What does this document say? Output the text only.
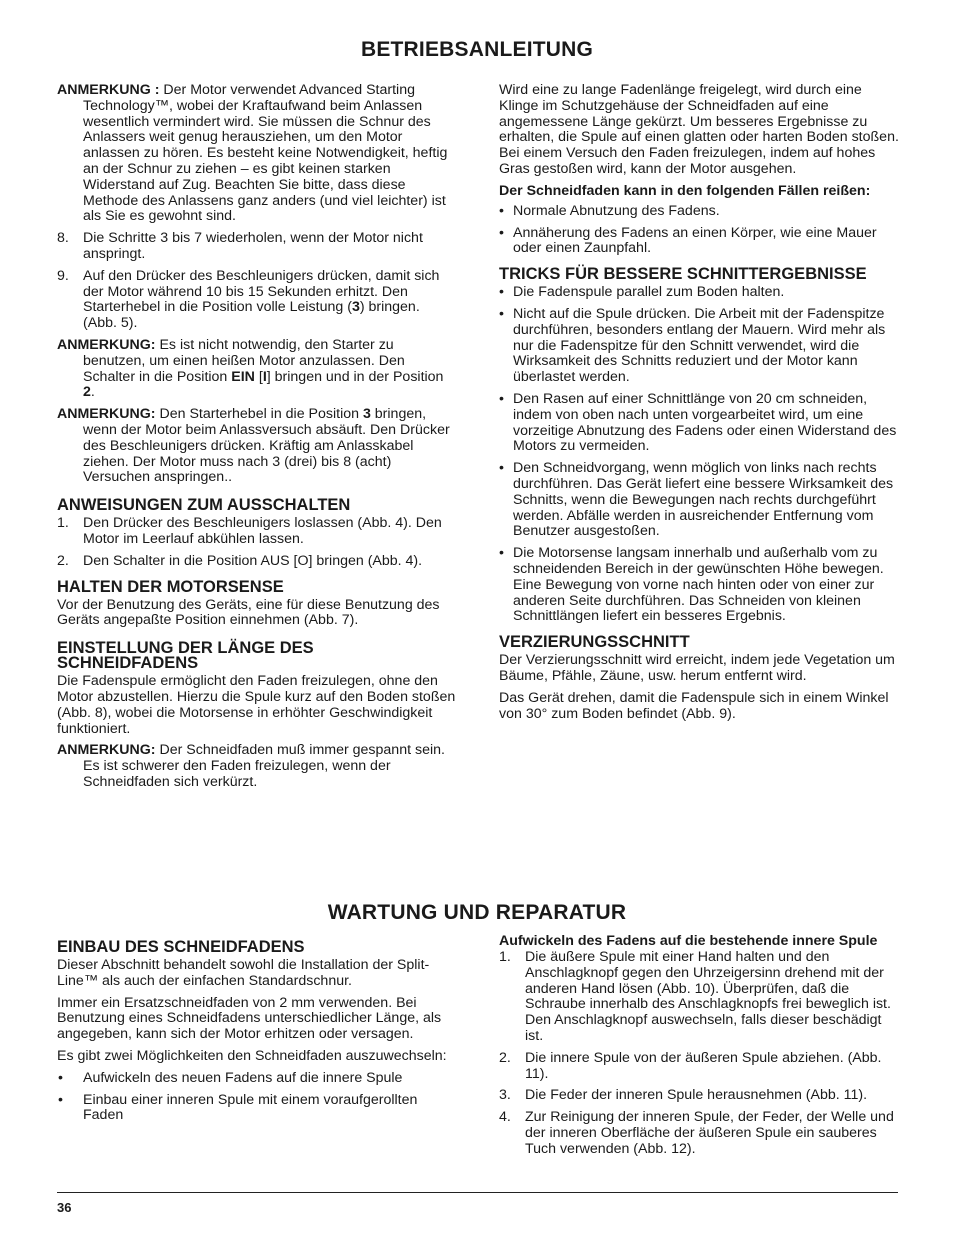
BETRIEBSANLEITUNG

ANMERKUNG : Der Motor verwendet Advanced Starting Technology™, wobei der Kraftaufwand beim Anlassen wesentlich vermindert wird. Sie müssen die Schnur des Anlassers weit genug herausziehen, um den Motor anlassen zu hören. Es besteht keine Notwendigkeit, heftig an der Schnur zu ziehen – es gibt keinen starken Widerstand auf Zug. Beachten Sie bitte, dass diese Methode des Anlassens ganz anders (und viel leichter) ist als Sie es gewohnt sind.

8. Die Schritte 3 bis 7 wiederholen, wenn der Motor nicht anspringt.
9. Auf den Drücker des Beschleunigers drücken, damit sich der Motor während 10 bis 15 Sekunden erhitzt. Den Starterhebel in die Position volle Leistung (3) bringen. (Abb. 5).

ANMERKUNG: Es ist nicht notwendig, den Starter zu benutzen, um einen heißen Motor anzulassen. Den Schalter in die Position EIN [I] bringen und in der Position 2.

ANMERKUNG: Den Starterhebel in die Position 3 bringen, wenn der Motor beim Anlassversuch absäuft. Den Drücker des Beschleunigers drücken. Kräftig am Anlasskabel ziehen. Der Motor muss nach 3 (drei) bis 8 (acht) Versuchen anspringen..

ANWEISUNGEN ZUM AUSSCHALTEN
1. Den Drücker des Beschleunigers loslassen (Abb. 4). Den Motor im Leerlauf abkühlen lassen.
2. Den Schalter in die Position AUS [O] bringen (Abb. 4).
HALTEN DER MOTORSENSE

Vor der Benutzung des Geräts, eine für diese Benutzung des Geräts angepaßte Position einnehmen (Abb. 7).

EINSTELLUNG DER LÄNGE DES SCHNEIDFADENS

Die Fadenspule ermöglicht den Faden freizulegen, ohne den Motor abzustellen. Hierzu die Spule kurz auf den Boden stoßen (Abb. 8), wobei die Motorsense in erhöhter Geschwindigkeit funktioniert.

ANMERKUNG: Der Schneidfaden muß immer gespannt sein. Es ist schwerer den Faden freizulegen, wenn der Schneidfaden sich verkürzt.

Wird eine zu lange Fadenlänge freigelegt, wird durch eine Klinge im Schutzgehäuse der Schneidfaden auf eine angemessene Länge gekürzt. Um besseres Ergebnisse zu erhalten, die Spule auf einen glatten oder harten Boden stoßen. Bei einem Versuch den Faden freizulegen, indem auf hohes Gras gestoßen wird, kann der Motor ausgehen.

Der Schneidfaden kann in den folgenden Fällen reißen:
• Normale Abnutzung des Fadens.
• Annäherung des Fadens an einen Körper, wie eine Mauer oder einen Zaunpfahl.
TRICKS FÜR BESSERE SCHNITTERGEBNISSE
• Die Fadenspule parallel zum Boden halten.
• Nicht auf die Spule drücken. Die Arbeit mit der Fadenspitze durchführen, besonders entlang der Mauern. Wird mehr als nur die Fadenspitze für den Schnitt verwendet, wird die Wirksamkeit des Schnitts reduziert und der Motor kann überlastet werden.
• Den Rasen auf einer Schnittlänge von 20 cm schneiden, indem von oben nach unten vorgearbeitet wird, um eine vorzeitige Abnutzung des Fadens oder einen Widerstand des Motors zu vermeiden.
• Den Schneidvorgang, wenn möglich von links nach rechts durchführen. Das Gerät liefert eine bessere Wirksamkeit des Schnitts, wenn die Bewegungen nach rechts durchgeführt werden. Abfälle werden in ausreichender Entfernung vom Benutzer ausgestoßen.
• Die Motorsense langsam innerhalb und außerhalb vom zu schneidenden Bereich in der gewünschten Höhe bewegen. Eine Bewegung von vorne nach hinten oder von einer zur anderen Seite durchführen. Das Schneiden von kleinen Schnittlängen liefert ein besseres Ergebnis.
VERZIERUNGSSCHNITT

Der Verzierungsschnitt wird erreicht, indem jede Vegetation um Bäume, Pfähle, Zäune, usw. herum entfernt wird.

Das Gerät drehen, damit die Fadenspule sich in einem Winkel von 30° zum Boden befindet (Abb. 9).

WARTUNG UND REPARATUR
EINBAU DES SCHNEIDFADENS

Dieser Abschnitt behandelt sowohl die Installation der Split-Line™ als auch der einfachen Standardschnur.

Immer ein Ersatzschneidfaden von 2 mm verwenden. Bei Benutzung eines Schneidfadens unterschiedlicher Länge, als angegeben, kann sich der Motor erhitzen oder versagen.

Es gibt zwei Möglichkeiten den Schneidfaden auszuwechseln:

• Aufwickeln des neuen Fadens auf die innere Spule
• Einbau einer inneren Spule mit einem voraufgerollten Faden
Aufwickeln des Fadens auf die bestehende innere Spule
1. Die äußere Spule mit einer Hand halten und den Anschlagknopf gegen den Uhrzeigersinn drehend mit der anderen Hand lösen (Abb. 10). Überprüfen, daß die Schraube innerhalb des Anschlagknopfs frei beweglich ist. Den Anschlagknopf auswechseln, falls dieser beschädigt ist.
2. Die innere Spule von der äußeren Spule abziehen. (Abb. 11).
3. Die Feder der inneren Spule herausnehmen (Abb. 11).
4. Zur Reinigung der inneren Spule, der Feder, der Welle und der inneren Oberfläche der äußeren Spule ein sauberes Tuch verwenden (Abb. 12).
36
